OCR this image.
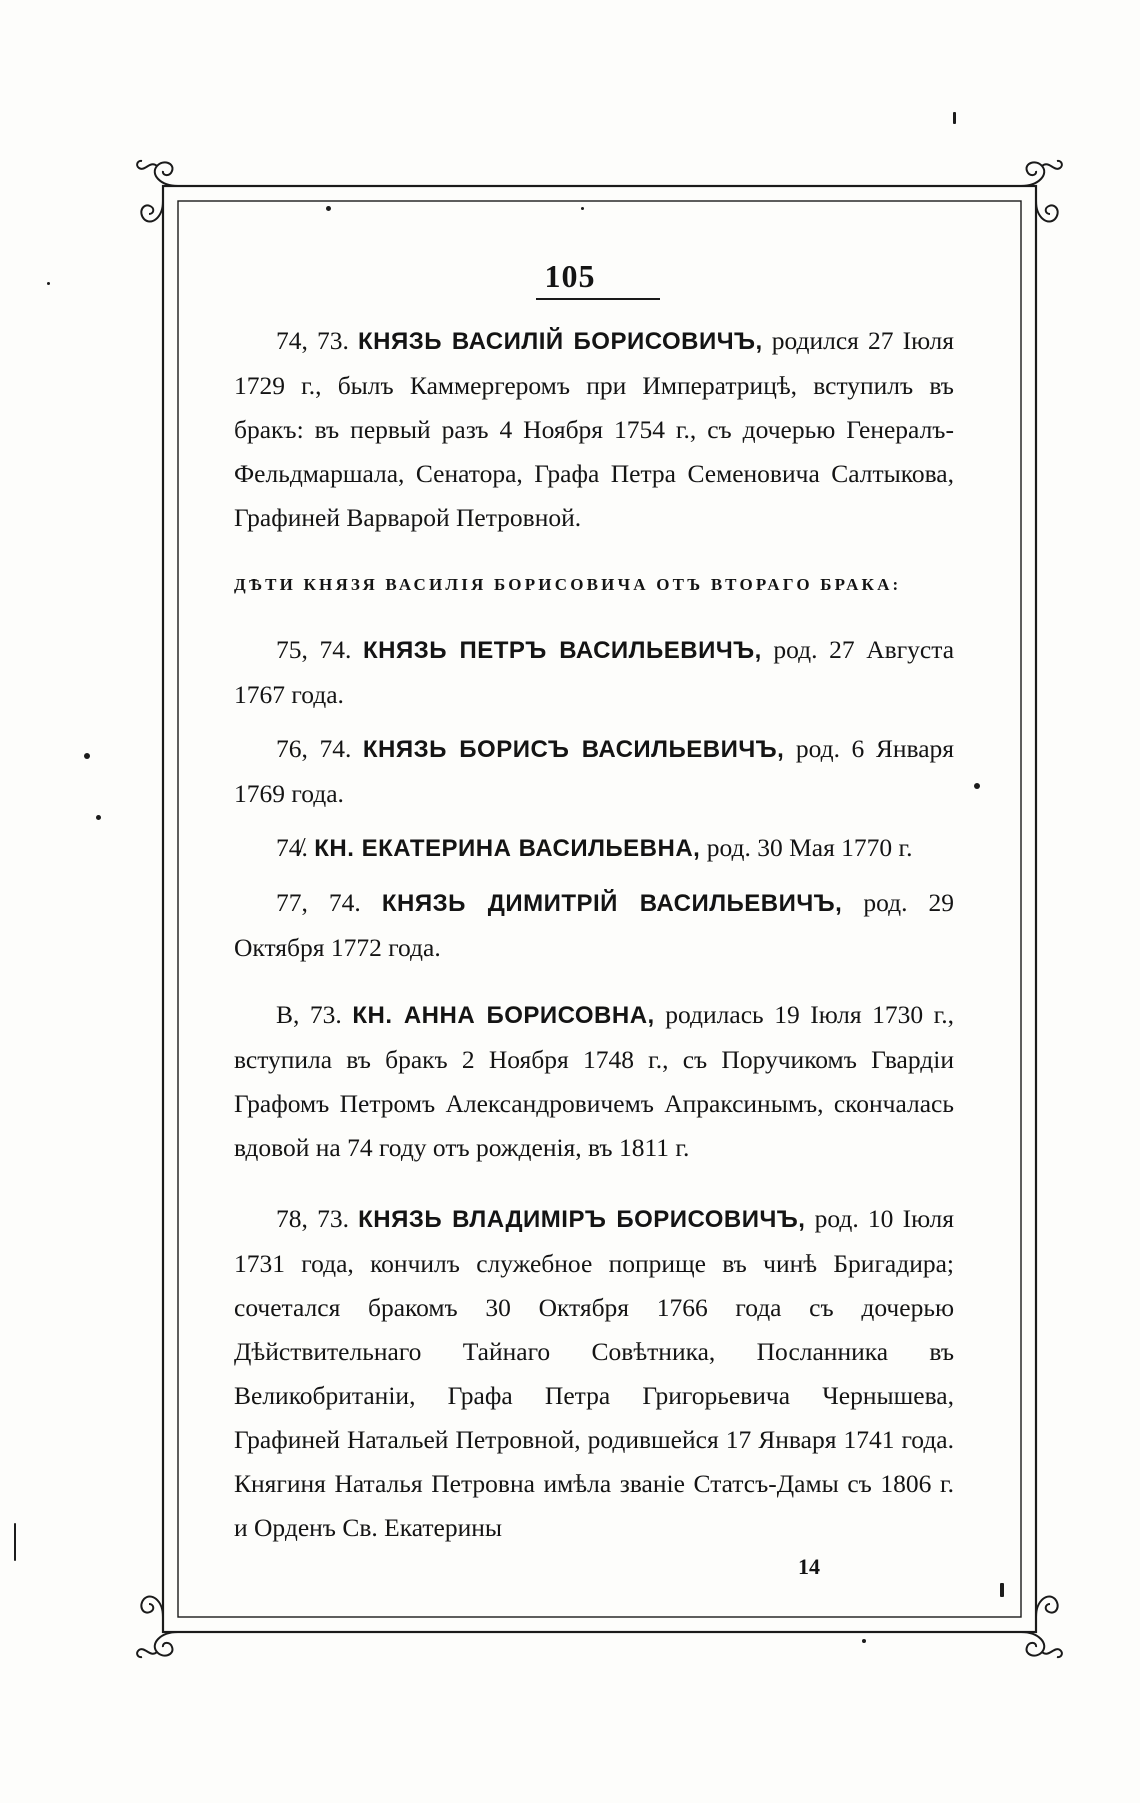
105

74, 73. КНЯЗЬ ВАСИЛІЙ БОРИСОВИЧЪ, родился 27 Іюля 1729 г., былъ Каммергеромъ при Императрицѣ, вступилъ въ бракъ: въ первый разъ 4 Ноября 1754 г., съ дочерью Генералъ-Фельдмаршала, Сенатора, Графа Петра Семеновича Салтыкова, Графиней Варварой Петровной.

ДѢТИ КНЯЗЯ ВАСИЛІЯ БОРИСОВИЧА ОТЪ ВТОРАГО БРАКА:

75, 74. КНЯЗЬ ПЕТРЪ ВАСИЛЬЕВИЧЪ, род. 27 Августа 1767 года.

76, 74. КНЯЗЬ БОРИСЪ ВАСИЛЬЕВИЧЪ, род. 6 Января 1769 года.

74̸. КН. ЕКАТЕРИНА ВАСИЛЬЕВНА, род. 30 Мая 1770 г.

77, 74. КНЯЗЬ ДИМИТРІЙ ВАСИЛЬЕВИЧЪ, род. 29 Октября 1772 года.

В, 73. КН. АННА БОРИСОВНА, родилась 19 Іюля 1730 г., вступила въ бракъ 2 Ноября 1748 г., съ Поручикомъ Гвардіи Графомъ Петромъ Александровичемъ Апраксинымъ, скончалась вдовой на 74 году отъ рожденія, въ 1811 г.

78, 73. КНЯЗЬ ВЛАДИМІРЪ БОРИСОВИЧЪ, род. 10 Іюля 1731 года, кончилъ служебное поприще въ чинѣ Бригадира; сочетался бракомъ 30 Октября 1766 года съ дочерью Дѣйствительнаго Тайнаго Совѣтника, Посланника въ Великобританіи, Графа Петра Григорьевича Чернышева, Графиней Натальей Петровной, родившейся 17 Января 1741 года. Княгиня Наталья Петровна имѣла званіе Статсъ-Дамы съ 1806 г. и Орденъ Св. Екатерины

14
